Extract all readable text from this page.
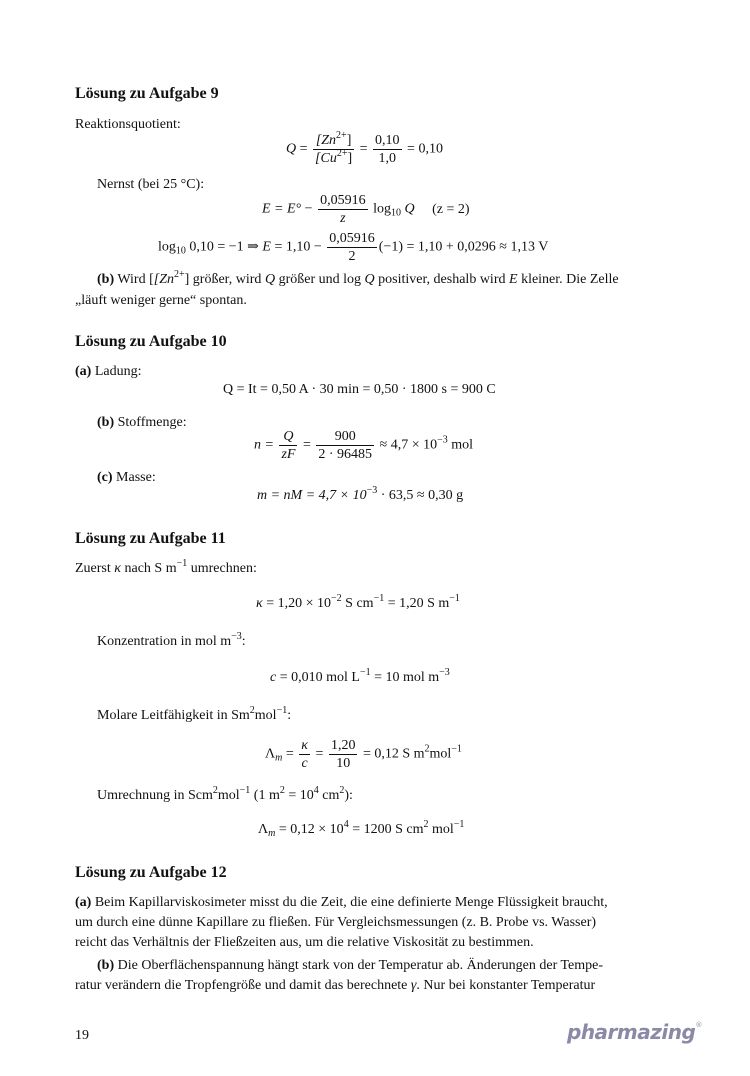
Lösung zu Aufgabe 9
Reaktionsquotient:
$Q = \frac{[Zn^{2+}]}{[Cu^{2+}]} = \frac{0,10}{1,0} = 0,10$
Nernst (bei 25 °C):
$E = E^\circ - \frac{0,05916}{z} \log_{10} Q$ (z = 2)
$\log_{10} 0,10 = -1$ ⇒ $E = 1,10 - \frac{0,05916}{2} (-1) = 1,10 + 0,0296 \approx 1,13$ V
(b) Wird [$[Zn^{2+}]$ größer, wird Q größer und log Q positiver, deshalb wird E kleiner. Die Zelle
„läuft weniger gerne“ spontan.
Lösung zu Aufgabe 10
(a) Ladung:
Q = It = 0,50 A · 30 min = 0,50 · 1800 s = 900 C
(b) Stoffmenge:
$n = \frac{Q}{zF} = \frac{900}{2 \cdot 96485} \approx 4,7 \times 10^{-3}$ mol
(c) Masse:
m = nM = $4,7 \times 10^{-3} \cdot 63,5 \approx 0,30$ g
Lösung zu Aufgabe 11
Zuerst κ nach S $m^{-1}$ umrechnen:
$\kappa = 1,20 \times 10^{-2}$ S $cm^{-1} = 1,20$ S $m^{-1}$
Konzentration in mol $m^{-3}$:
c = 0,010 mol $L^{-1} = 10$ mol $m^{-3}$
Molare Leitfähigkeit in Sm$^2$mol$^{-1}$:
$\Lambda_m = \frac{\kappa}{c} = \frac{1,20}{10} = 0,12$ S $m^2mol^{-1}$
Umrechnung in Scm$^2$mol$^{-1}$ (1 $m^2 = 10^4$ $cm^2$):
$\Lambda_m = 0,12 \times 10^4 = 1200$ S $cm^2$ mol$^{-1}$
Lösung zu Aufgabe 12
(a) Beim Kapillarviskosimeter misst du die Zeit, die eine definierte Menge Flüssigkeit braucht,
um durch eine dünne Kapillare zu fließen. Für Vergleichsmessungen (z. B. Probe vs. Wasser)
reicht das Verhältnis der Fließzeiten aus, um die relative Viskosität zu bestimmen.
(b) Die Oberflächenspannung hängt stark von der Temperatur ab. Änderungen der Tempe-
ratur verändern die Tropfengröße und damit das berechnete γ. Nur bei konstanter Temperatur
19	pharmazing®
